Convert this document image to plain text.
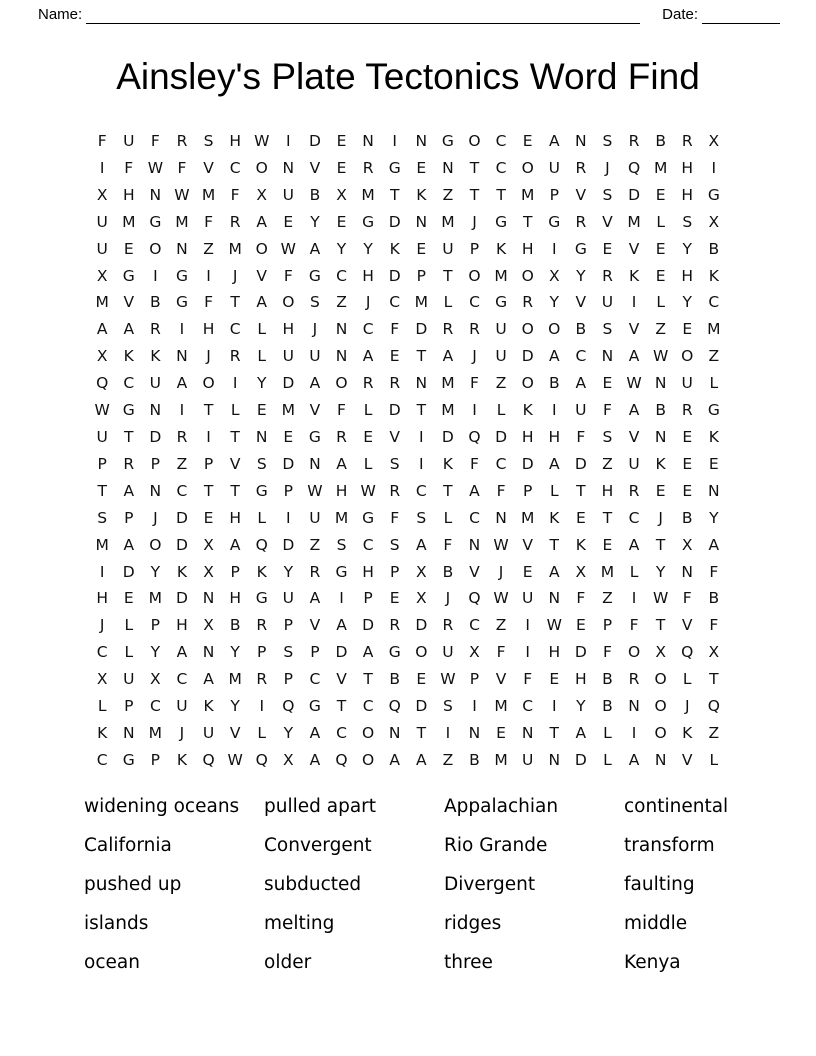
Name:	Date:
Ainsley's Plate Tectonics Word Find
F	U	F	R	S	H	W	I	D	E	N	I	N	G	O	C	E	A	N	S	R	B	R	X
I	F	W	F	V	C	O	N	V	E	R	G	E	N	T	C	O	U	R	J	Q	M	H	I
X	H	N	W	M	F	X	U	B	X	M	T	K	Z	T	T	M	P	V	S	D	E	H	G
U	M	G	M	F	R	A	E	Y	E	G	D	N	M	J	G	T	G	R	V	M	L	S	X
U	E	O	N	Z	M	O	W	A	Y	Y	K	E	U	P	K	H	I	G	E	V	E	Y	B
X	G	I	G	I	J	V	F	G	C	H	D	P	T	O	M	O	X	Y	R	K	E	H	K
M	V	B	G	F	T	A	O	S	Z	J	C	M	L	C	G	R	Y	V	U	I	L	Y	C
A	A	R	I	H	C	L	H	J	N	C	F	D	R	R	U	O	O	B	S	V	Z	E	M
X	K	K	N	J	R	L	U	U	N	A	E	T	A	J	U	D	A	C	N	A	W	O	Z
Q	C	U	A	O	I	Y	D	A	O	R	R	N	M	F	Z	O	B	A	E	W	N	U	L
W	G	N	I	T	L	E	M	V	F	L	D	T	M	I	L	K	I	U	F	A	B	R	G
U	T	D	R	I	T	N	E	G	R	E	V	I	D	Q	D	H	H	F	S	V	N	E	K
P	R	P	Z	P	V	S	D	N	A	L	S	I	K	F	C	D	A	D	Z	U	K	E	E
T	A	N	C	T	T	G	P	W	H	W	R	C	T	A	F	P	L	T	H	R	E	E	N
S	P	J	D	E	H	L	I	U	M	G	F	S	L	C	N	M	K	E	T	C	J	B	Y
M	A	O	D	X	A	Q	D	Z	S	C	S	A	F	N	W	V	T	K	E	A	T	X	A
I	D	Y	K	X	P	K	Y	R	G	H	P	X	B	V	J	E	A	X	M	L	Y	N	F
H	E	M	D	N	H	G	U	A	I	P	E	X	J	Q	W	U	N	F	Z	I	W	F	B
J	L	P	H	X	B	R	P	V	A	D	R	D	R	C	Z	I	W	E	P	F	T	V	F
C	L	Y	A	N	Y	P	S	P	D	A	G	O	U	X	F	I	H	D	F	O	X	Q	X
X	U	X	C	A	M	R	P	C	V	T	B	E	W	P	V	F	E	H	B	R	O	L	T
L	P	C	U	K	Y	I	Q	G	T	C	Q	D	S	I	M	C	I	Y	B	N	O	J	Q
K	N	M	J	U	V	L	Y	A	C	O	N	T	I	N	E	N	T	A	L	I	O	K	Z
C	G	P	K	Q	W	Q	X	A	Q	O	A	A	Z	B	M	U	N	D	L	A	N	V	L
widening oceans	pulled apart	Appalachian	continental
California	Convergent	Rio Grande	transform
pushed up	subducted	Divergent	faulting
islands	melting	ridges	middle
ocean	older	three	Kenya
